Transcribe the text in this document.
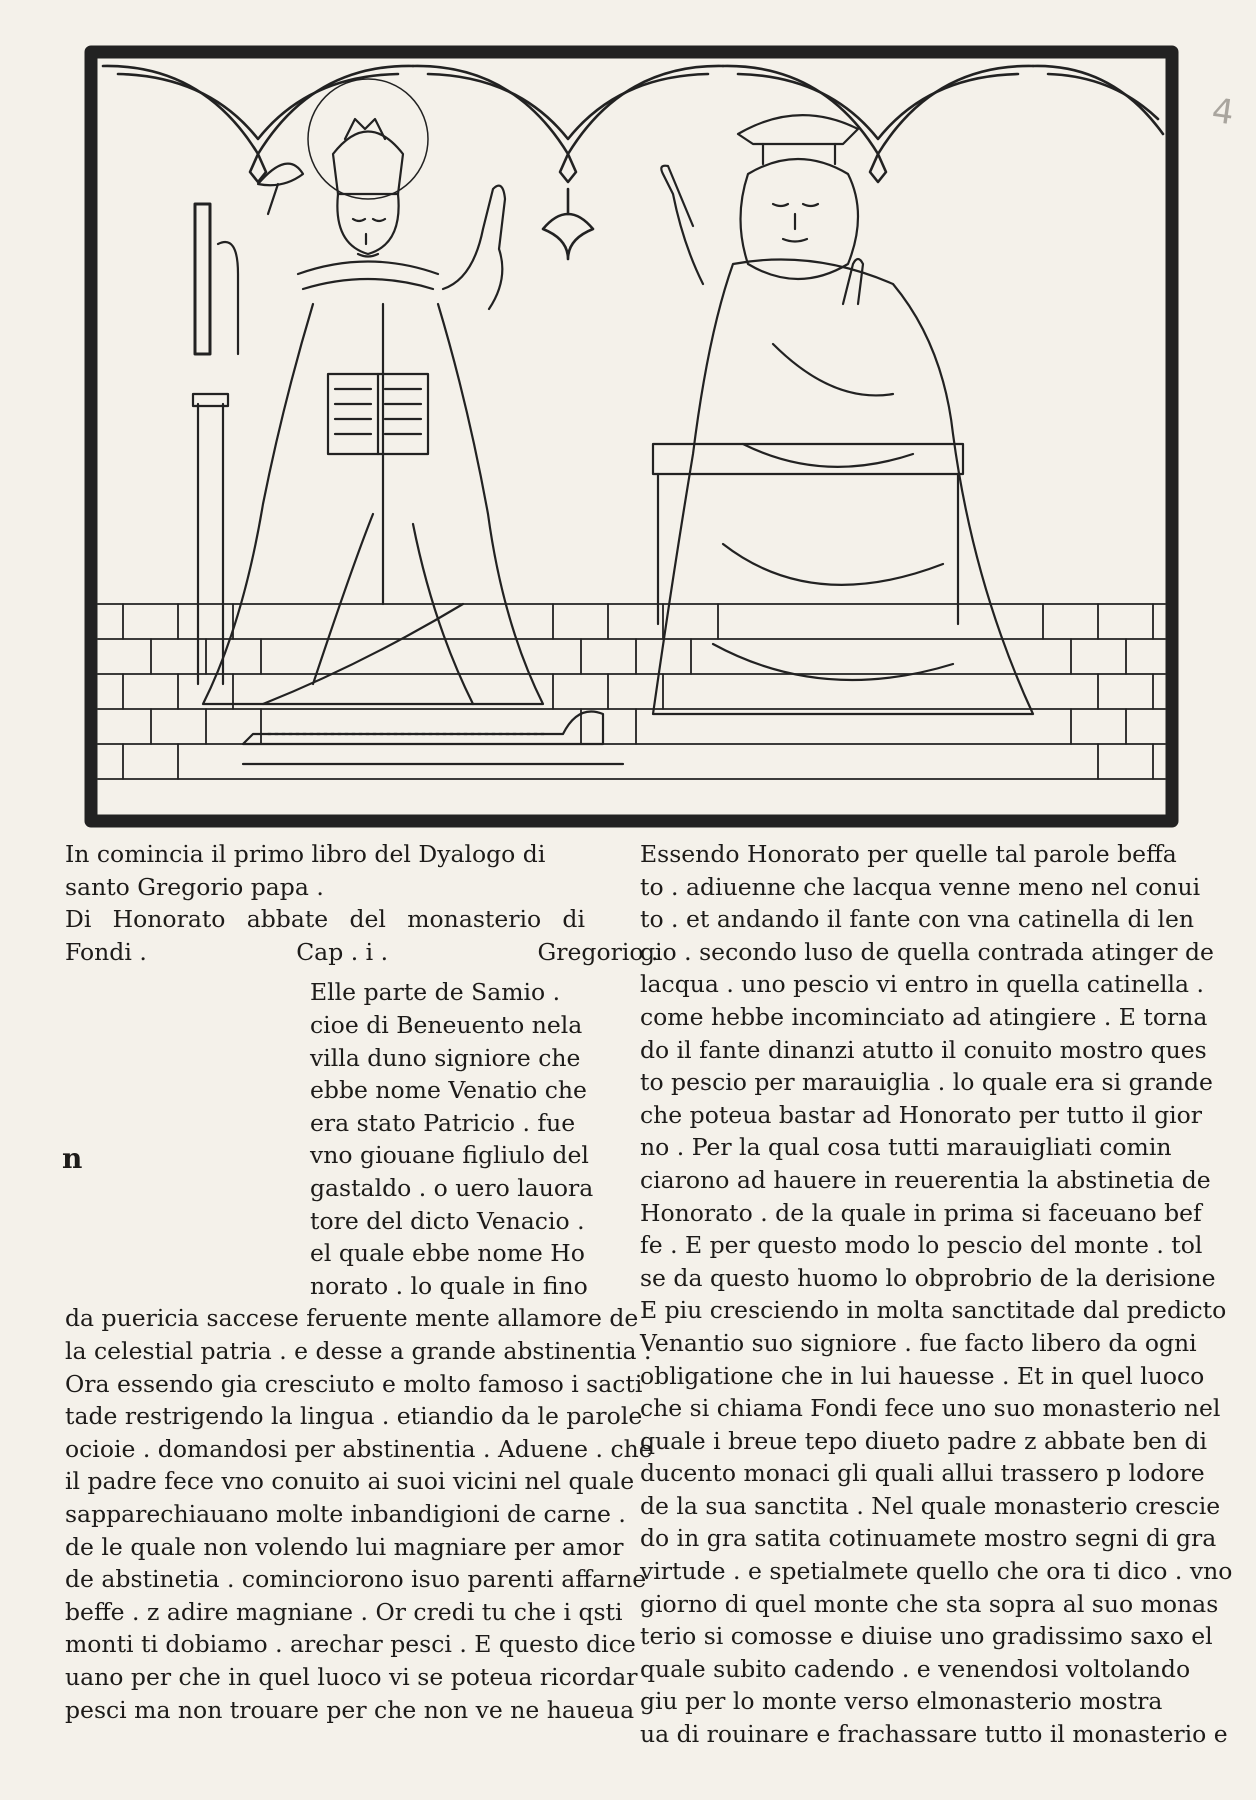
4
In comincia il primo libro del Dyalogo di
santo Gregorio papa .
Di Honorato abbate del monasterio di
Fondi .                    Cap . i .                    Gregorio .
Elle parte de Samio .
cioe di Beneuento nela
villa duno signiore che
ebbe nome Venatio che
era stato Patricio . fue
vno giouane figliulo del
gastaldo . o uero lauora
tore del dicto Venacio .
el quale ebbe nome Ho
norato . lo quale in fino
da puericia saccese feruente mente allamore de
la celestial patria . e desse a grande abstinentia .
Ora essendo gia cresciuto e molto famoso i sacti
tade restrigendo la lingua . etiandio da le parole
ocioie . domandosi per abstinentia . Aduene . che
il padre fece vno conuito ai suoi vicini nel quale
sapparechiauano molte inbandigioni de carne .
de le quale non volendo lui magniare per amor
de abstinetia . cominciorono isuo parenti affarne
beffe . z adire magniane . Or credi tu che i qsti
monti ti dobiamo . arechar pesci . E questo dice
uano per che in quel luoco vi se poteua ricordar
pesci ma non trouare per che non ve ne haueua
n
Essendo Honorato per quelle tal parole beffa
to . adiuenne che lacqua venne meno nel conui
to . et andando il fante con vna catinella di len
gio . secondo luso de quella contrada atinger de
lacqua . uno pescio vi entro in quella catinella .
come hebbe incominciato ad atingiere . E torna
do il fante dinanzi atutto il conuito mostro ques
to pescio per marauiglia . lo quale era si grande
che poteua bastar ad Honorato per tutto il gior
no . Per la qual cosa tutti marauigliati comin
ciarono ad hauere in reuerentia la abstinetia de
Honorato . de la quale in prima si faceuano bef
fe . E per questo modo lo pescio del monte . tol
se da questo huomo lo obprobrio de la derisione
E piu cresciendo in molta sanctitade dal predicto
Venantio suo signiore . fue facto libero da ogni
obligatione che in lui hauesse . Et in quel luoco
che si chiama Fondi fece uno suo monasterio nel
quale i breue tepo diueto padre z abbate ben di
ducento monaci gli quali allui trassero p lodore
de la sua sanctita . Nel quale monasterio crescie
do in gra satita cotinuamete mostro segni di gra
virtude . e spetialmete quello che ora ti dico . vno
giorno di quel monte che sta sopra al suo monas
terio si comosse e diuise uno gradissimo saxo el
quale subito cadendo . e venendosi voltolando
giu per lo monte verso elmonasterio mostra
ua di rouinare e frachassare tutto il monasterio e
